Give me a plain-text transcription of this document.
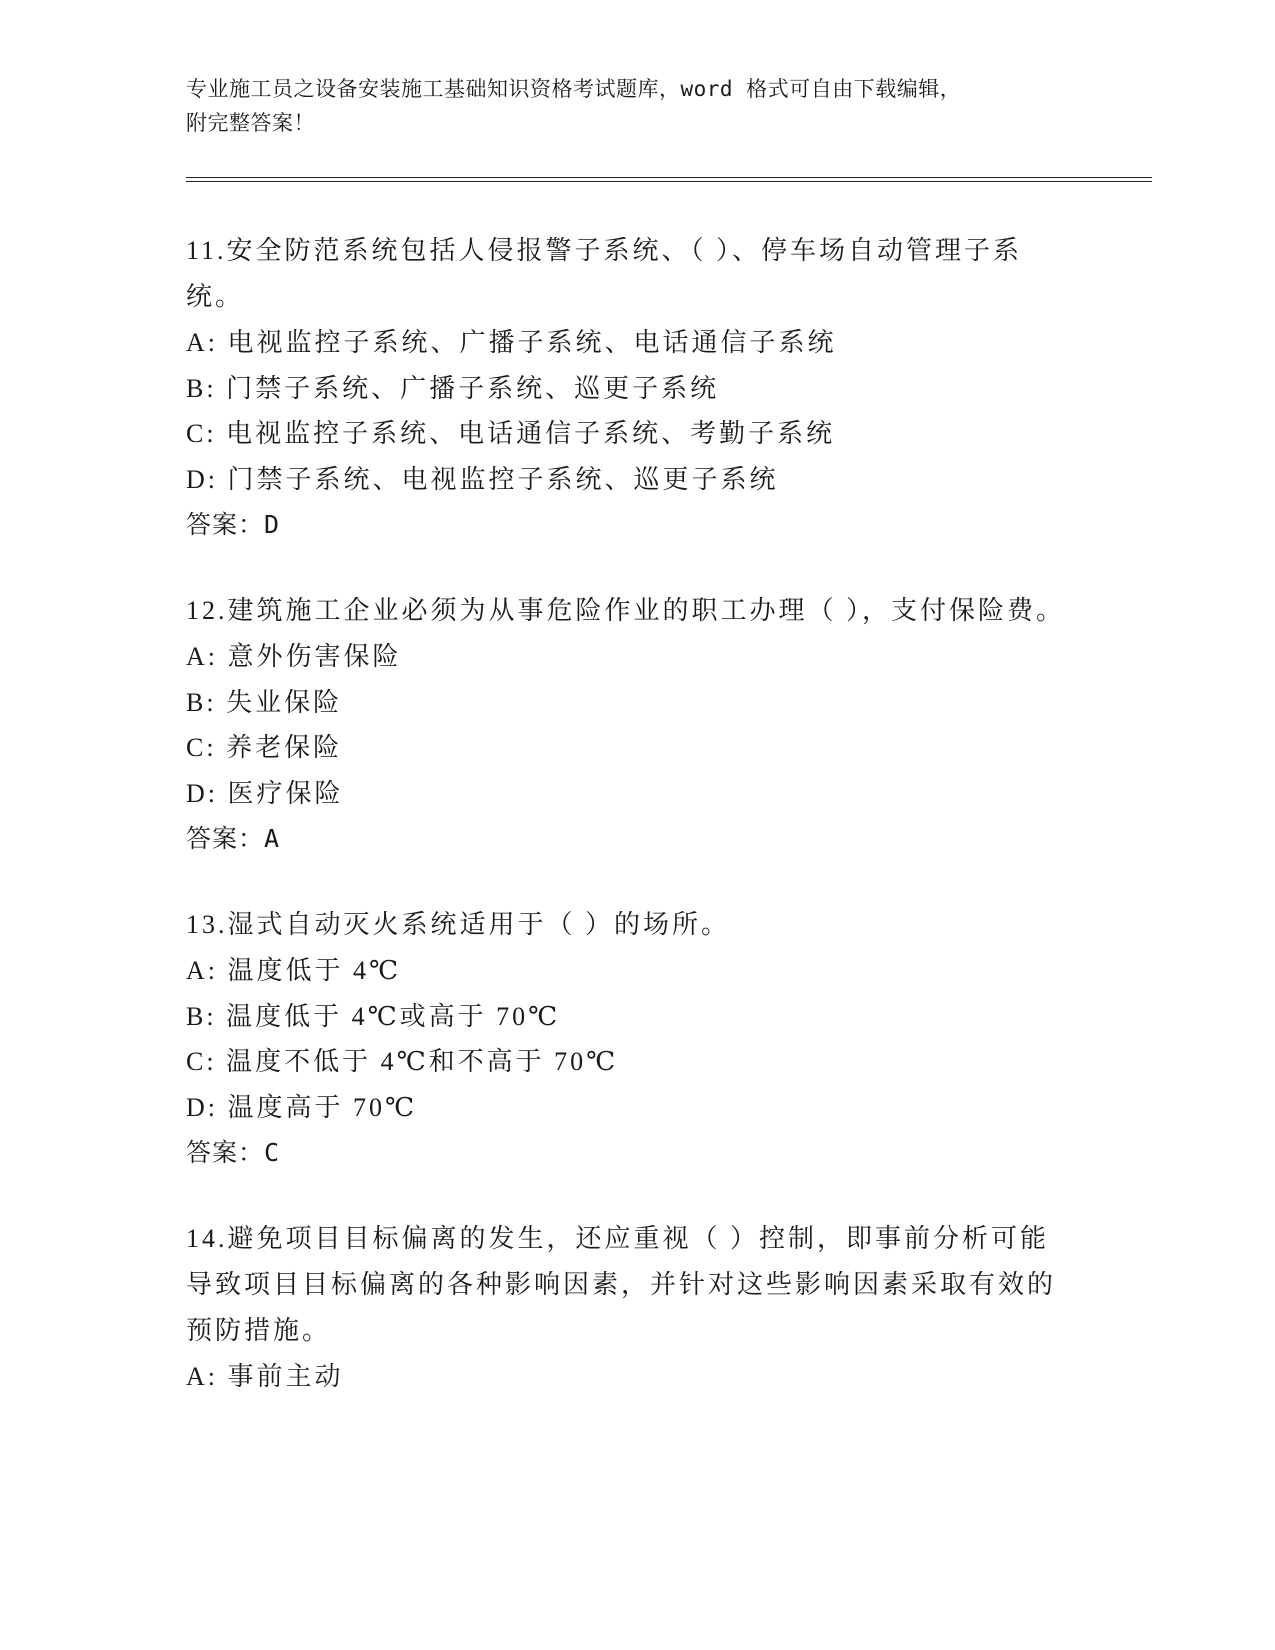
专业施工员之设备安装施工基础知识资格考试题库，word 格式可自由下载编辑，
附完整答案！

11.安全防范系统包括人侵报警子系统、（ ）、停车场自动管理子系统。

A: 电视监控子系统、广播子系统、电话通信子系统

B: 门禁子系统、广播子系统、巡更子系统

C: 电视监控子系统、电话通信子系统、考勤子系统

D: 门禁子系统、电视监控子系统、巡更子系统

答案：D

12.建筑施工企业必须为从事危险作业的职工办理（ ），支付保险费。

A: 意外伤害保险

B: 失业保险

C: 养老保险

D: 医疗保险

答案：A

13.湿式自动灭火系统适用于（ ）的场所。

A: 温度低于 4℃

B: 温度低于 4℃或高于 70℃

C: 温度不低于 4℃和不高于 70℃

D: 温度高于 70℃

答案：C

14.避免项目目标偏离的发生，还应重视（ ）控制，即事前分析可能导致项目目标偏离的各种影响因素，并针对这些影响因素采取有效的预防措施。

A: 事前主动
